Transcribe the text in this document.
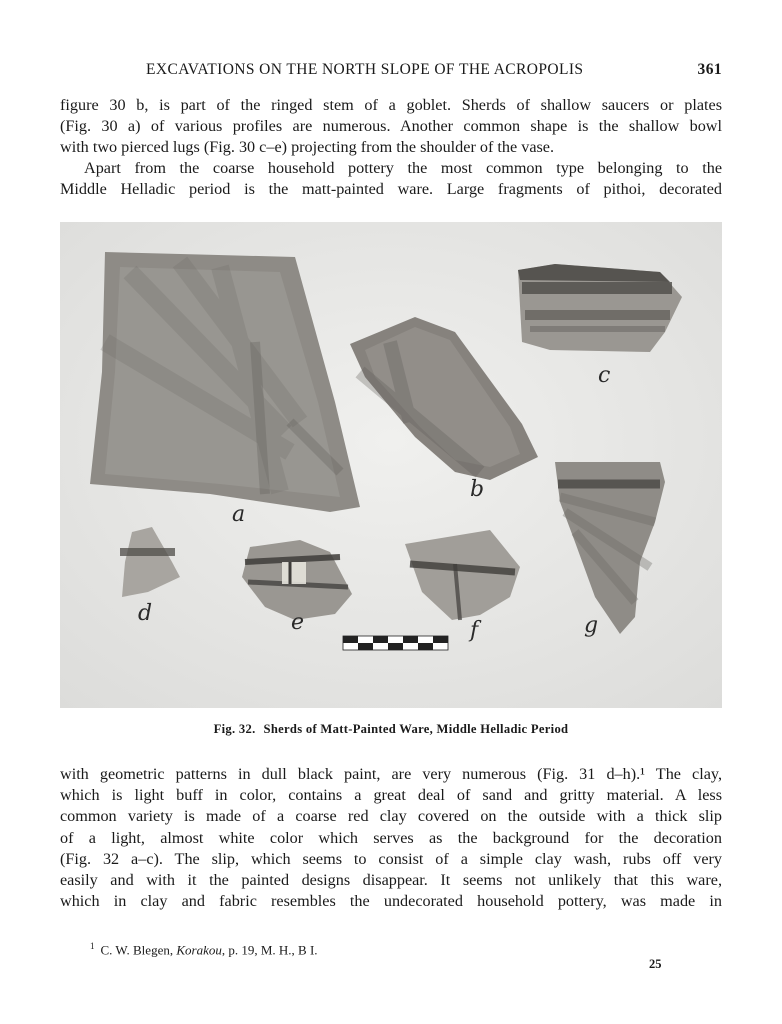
EXCAVATIONS ON THE NORTH SLOPE OF THE ACROPOLIS	361
figure 30 b, is part of the ringed stem of a goblet. Sherds of shallow saucers or plates
(Fig. 30 a) of various profiles are numerous. Another common shape is the shallow bowl
with two pierced lugs (Fig. 30 c–e) projecting from the shoulder of the vase.
Apart from the coarse household pottery the most common type belonging to the
Middle Helladic period is the matt-painted ware. Large fragments of pithoi, decorated
a
b
c
d	e	f	g
Fig. 32. Sherds of Matt-Painted Ware, Middle Helladic Period
with geometric patterns in dull black paint, are very numerous (Fig. 31 d–h).¹ The clay,
which is light buff in color, contains a great deal of sand and gritty material. A less
common variety is made of a coarse red clay covered on the outside with a thick slip
of a light, almost white color which serves as the background for the decoration
(Fig. 32 a–c). The slip, which seems to consist of a simple clay wash, rubs off very
easily and with it the painted designs disappear. It seems not unlikely that this ware,
which in clay and fabric resembles the undecorated household pottery, was made in
$^1$ C. W. Blegen, Korakou, p. 19, M. H., B I.
25
